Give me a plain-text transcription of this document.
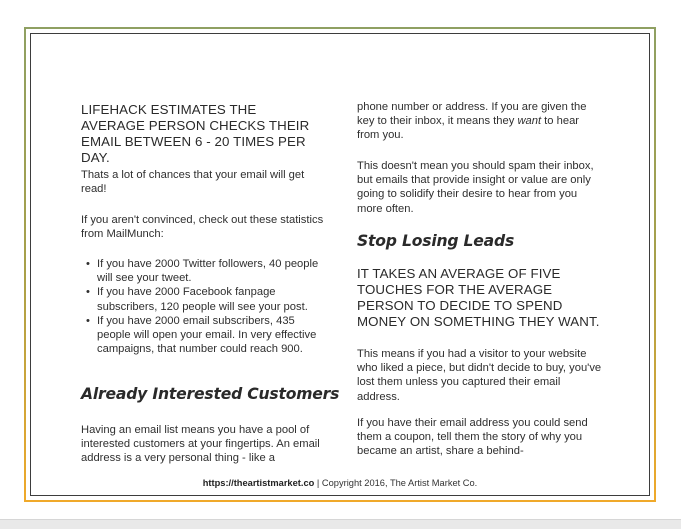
LIFEHACK ESTIMATES THE AVERAGE PERSON CHECKS THEIR EMAIL BETWEEN 6 - 20 TIMES PER DAY.

Thats a lot of chances that your email will get read!

If you aren't convinced, check out these statistics from MailMunch:

• If you have 2000 Twitter followers, 40 people will see your tweet.
• If you have 2000 Facebook fanpage subscribers, 120 people will see your post.
• If you have 2000 email subscribers, 435 people will open your email. In very effective campaigns, that number could reach 900.
Already Interested Customers

Having an email list means you have a pool of interested customers at your fingertips. An email address is a very personal thing - like a

phone number or address. If you are given the key to their inbox, it means they want to hear from you.

This doesn't mean you should spam their inbox, but emails that provide insight or value are only going to solidify their desire to hear from you more often.

Stop Losing Leads

IT TAKES AN AVERAGE OF FIVE TOUCHES FOR THE AVERAGE PERSON TO DECIDE TO SPEND MONEY ON SOMETHING THEY WANT.

This means if you had a visitor to your website who liked a piece, but didn't decide to buy, you've lost them unless you captured their email address.

If you have their email address you could send them a coupon, tell them the story of why you became an artist, share a behind-

https://theartistmarket.co | Copyright 2016, The Artist Market Co.
